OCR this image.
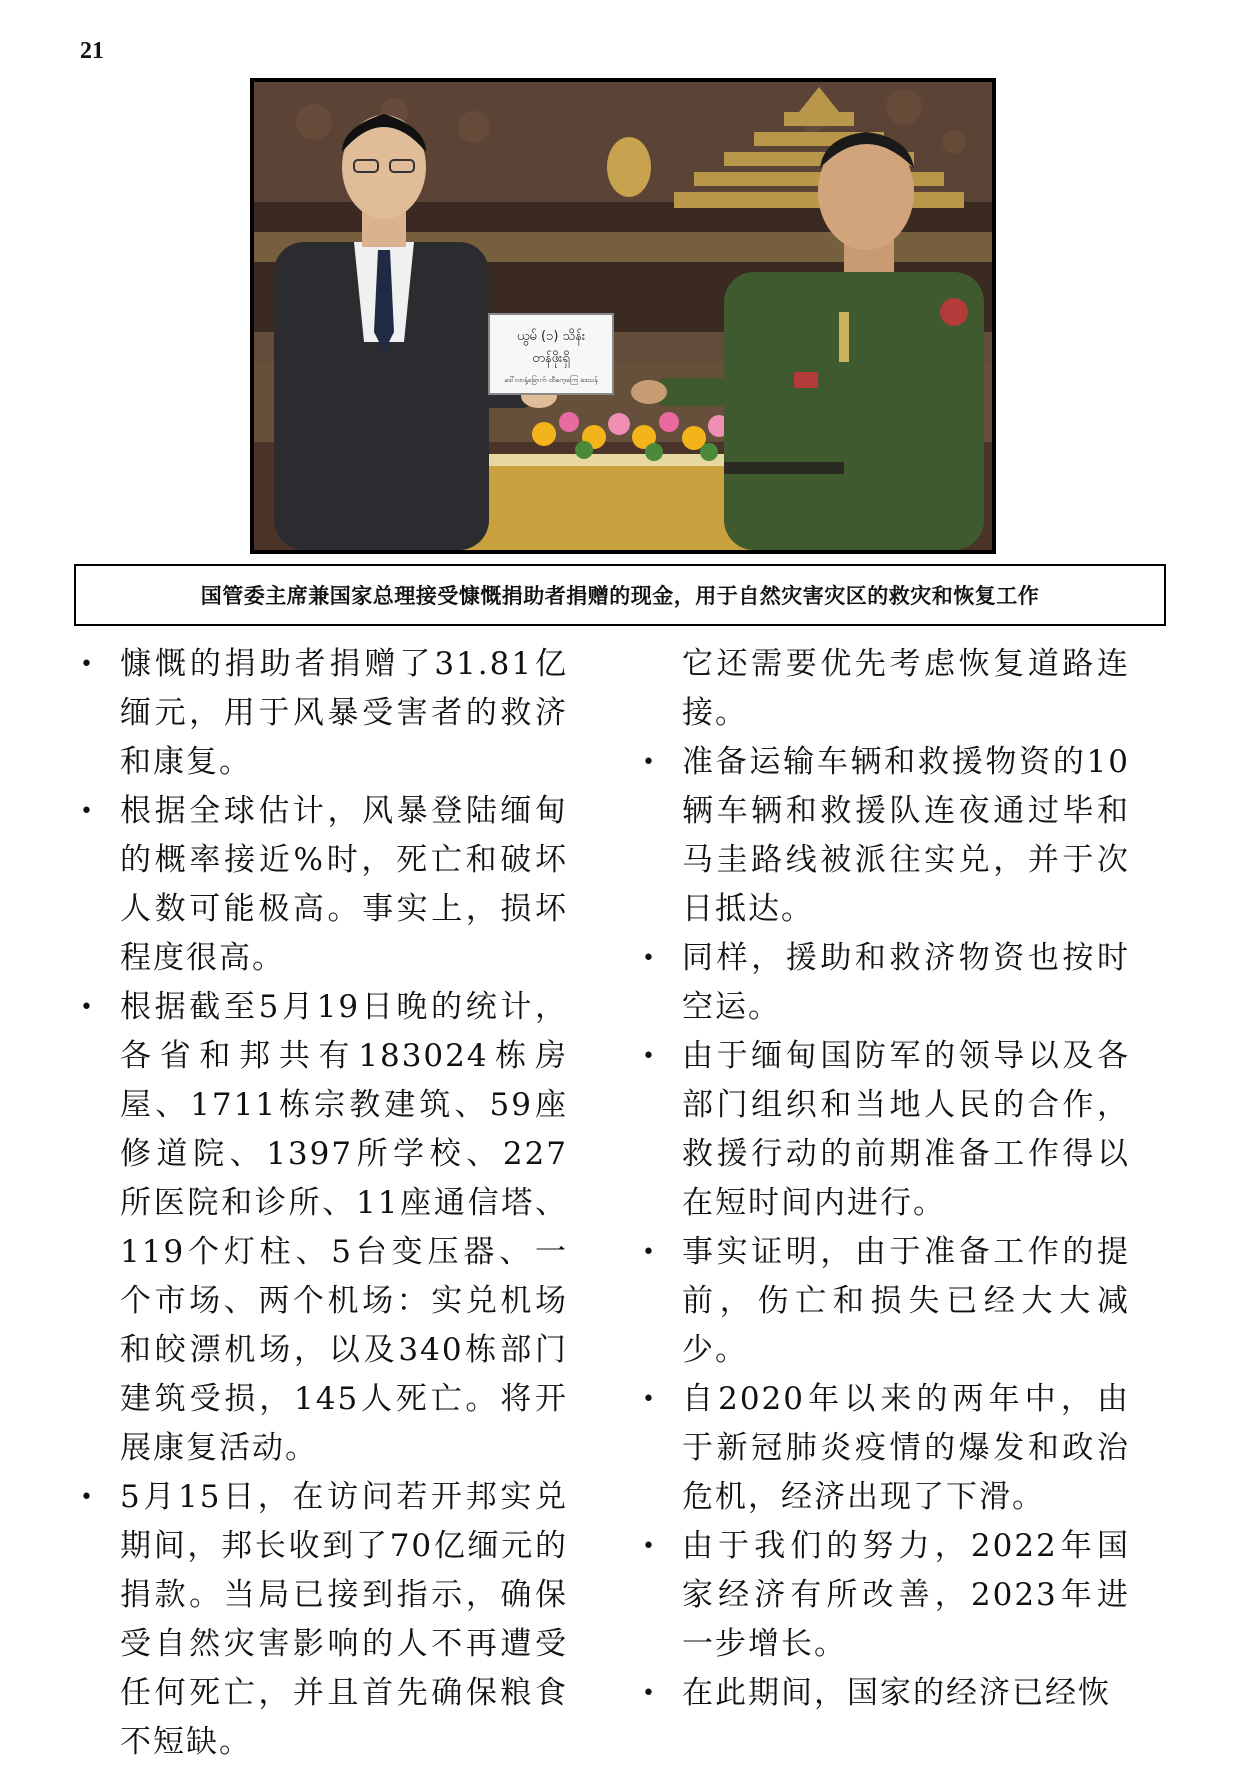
21
ယွမ် (၁) သိန်း
တန်ဖိုးရှိ
ဒေါ်လာနှံ့ခြောက် ထီကေ့ကြေ ဒေသန်
国管委主席兼国家总理接受慷慨捐助者捐赠的现金，用于自然灾害灾区的救灾和恢复工作
• 慷慨的捐助者捐赠了31.81亿缅元，用于风暴受害者的救济和康复。
• 根据全球估计，风暴登陆缅甸的概率接近%时，死亡和破坏人数可能极高。事实上，损坏程度很高。
• 根据截至5月19日晚的统计，各省和邦共有183024栋房屋、1711栋宗教建筑、59座修道院、1397所学校、227所医院和诊所、11座通信塔、119个灯柱、5台变压器、一个市场、两个机场：实兑机场和皎漂机场，以及340栋部门建筑受损，145人死亡。将开展康复活动。
• 5月15日，在访问若开邦实兑期间，邦长收到了70亿缅元的捐款。当局已接到指示，确保受自然灾害影响的人不再遭受任何死亡，并且首先确保粮食不短缺。
它还需要优先考虑恢复道路连接。
• 准备运输车辆和救援物资的10辆车辆和救援队连夜通过毕和马圭路线被派往实兑，并于次日抵达。
• 同样，援助和救济物资也按时空运。
• 由于缅甸国防军的领导以及各部门组织和当地人民的合作，救援行动的前期准备工作得以在短时间内进行。
• 事实证明，由于准备工作的提前，伤亡和损失已经大大减少。
• 自2020年以来的两年中，由于新冠肺炎疫情的爆发和政治危机，经济出现了下滑。
• 由于我们的努力，2022年国家经济有所改善，2023年进一步增长。
• 在此期间，国家的经济已经恢
